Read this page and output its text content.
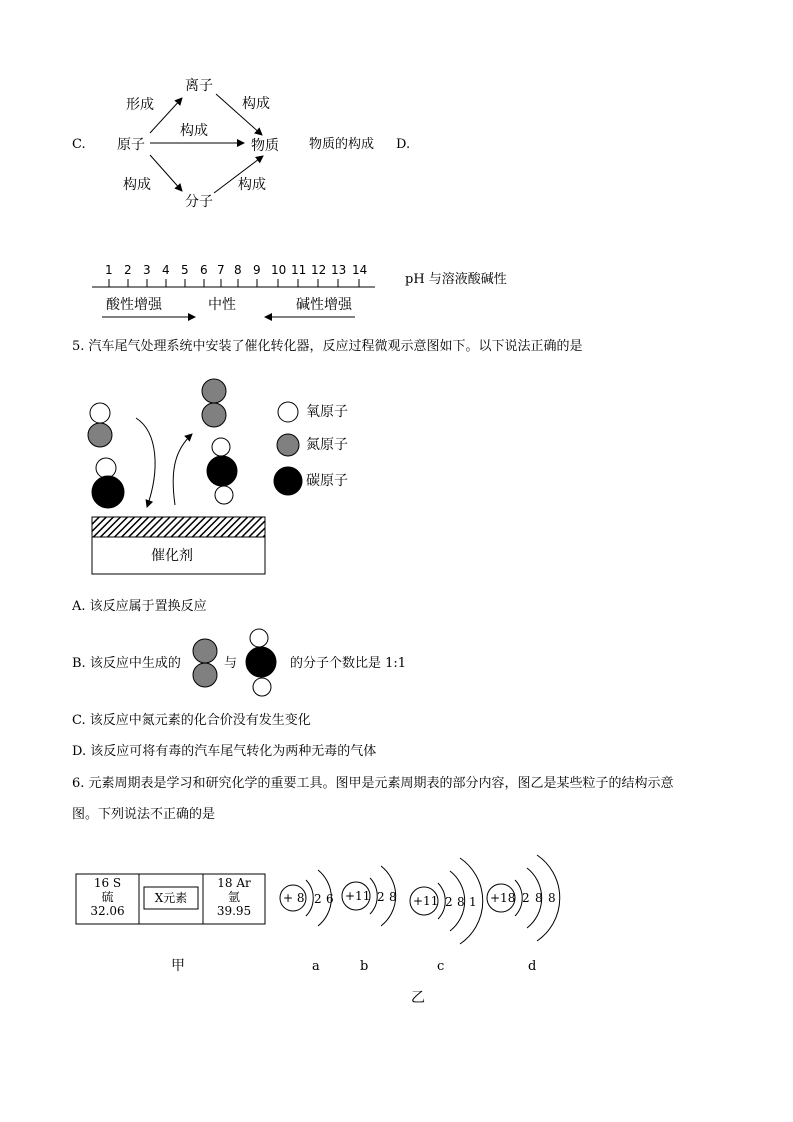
C.
离子
原子	物质
分子
形成	构成
构成
构成	构成
物质的构成 D.
1 2 3 4 5 6 7 8 9 10 11 12 13 14
酸性增强	中性	碱性增强
pH 与溶液酸碱性
5. 汽车尾气处理系统中安装了催化转化器，反应过程微观示意图如下。以下说法正确的是
氧原子
氮原子
碳原子
催化剂
A. 该反应属于置换反应
B. 该反应中生成的	与	的分子个数比是 1:1
C. 该反应中氮元素的化合价没有发生变化
D. 该反应可将有毒的汽车尾气转化为两种无毒的气体
6. 元素周期表是学习和研究化学的重要工具。图甲是元素周期表的部分内容，图乙是某些粒子的结构示意
图。下列说法不正确的是
16 S
硫
32.06
X元素
18 Ar
氩
39.95
+ 8 2 6 +11 2 8 +11 2 8 1 +18 2 8 8
甲	a	b	c	d
乙
